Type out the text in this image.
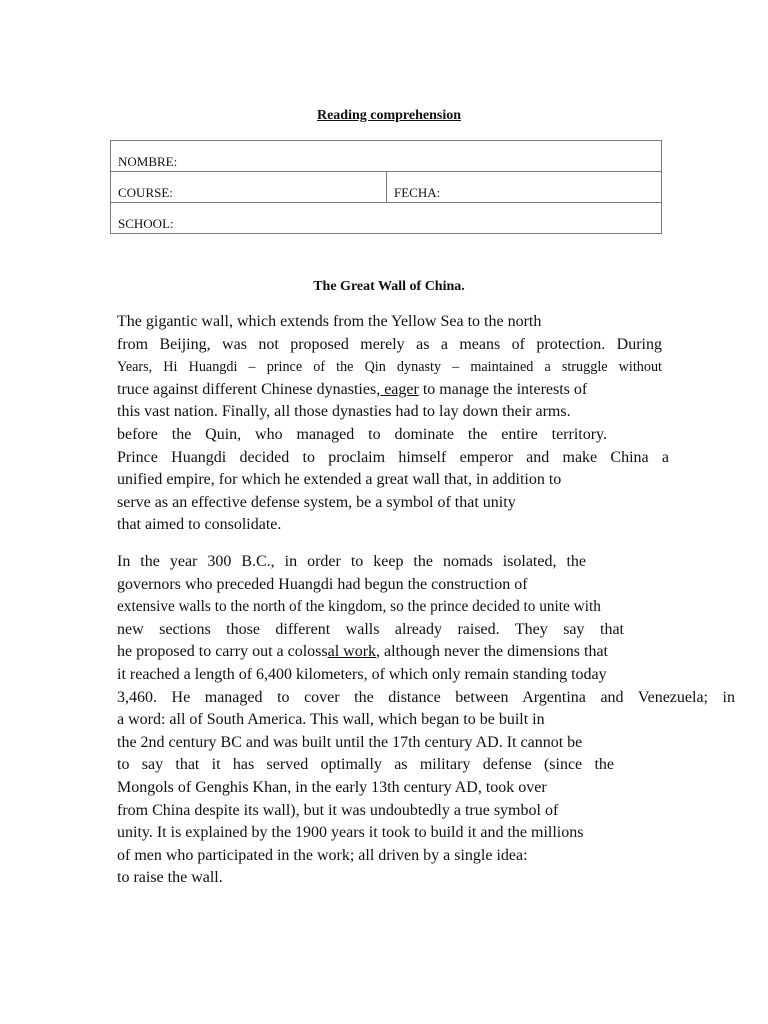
Reading comprehension
NOMBRE:
COURSE:	FECHA:
SCHOOL:
The Great Wall of China.
The gigantic wall, which extends from the Yellow Sea to the north
from Beijing, was not proposed merely as a means of protection. During
Years, Hi Huangdi – prince of the Qin dynasty – maintained a struggle without
truce against different Chinese dynasties, eager to manage the interests of
this vast nation. Finally, all those dynasties had to lay down their arms.
before the Quin, who managed to dominate the entire territory.
Prince Huangdi decided to proclaim himself emperor and make China a
unified empire, for which he extended a great wall that, in addition to
serve as an effective defense system, be a symbol of that unity
that aimed to consolidate.
In the year 300 B.C., in order to keep the nomads isolated, the
governors who preceded Huangdi had begun the construction of
extensive walls to the north of the kingdom, so the prince decided to unite with
new sections those different walls already raised. They say that
he proposed to carry out a colossal work, although never the dimensions that
it reached a length of 6,400 kilometers, of which only remain standing today
3,460. He managed to cover the distance between Argentina and Venezuela; in
a word: all of South America. This wall, which began to be built in
the 2nd century BC and was built until the 17th century AD. It cannot be
to say that it has served optimally as military defense (since the
Mongols of Genghis Khan, in the early 13th century AD, took over
from China despite its wall), but it was undoubtedly a true symbol of
unity. It is explained by the 1900 years it took to build it and the millions
of men who participated in the work; all driven by a single idea:
to raise the wall.
